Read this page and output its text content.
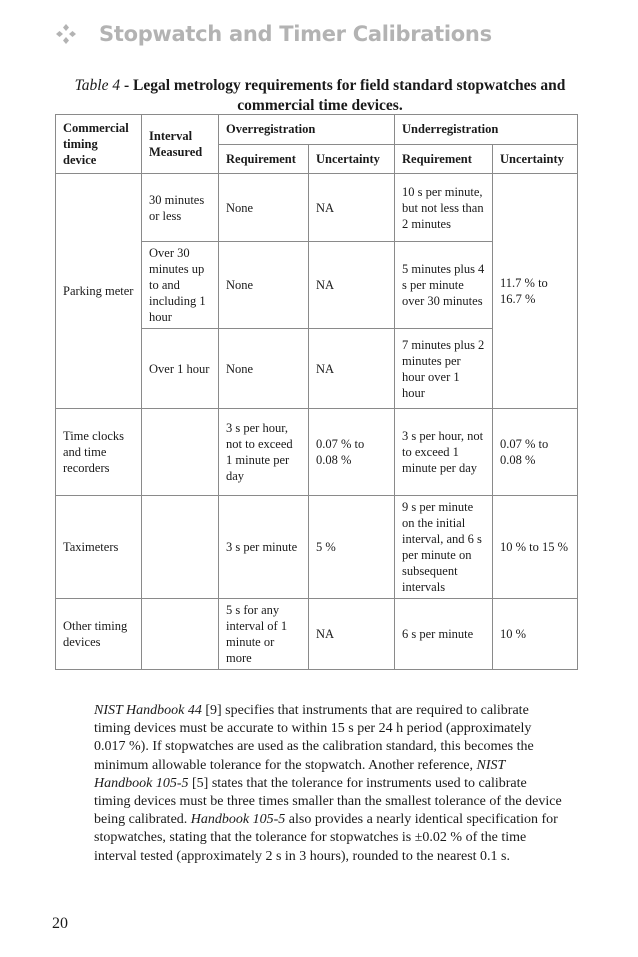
Stopwatch and Timer Calibrations
Table 4 - Legal metrology requirements for field standard stopwatches and commercial time devices.
Commercial timing device	Interval Measured	Overregistration		Underregistration	
		Requirement	Uncertainty	Requirement	Uncertainty
Parking meter	30 minutes or less	None	NA	10 s per minute, but not less than 2 minutes	11.7 % to 16.7 %
	Over 30 minutes up to and including 1 hour	None	NA	5 minutes plus 4 s per minute over 30 minutes	
	Over 1 hour	None	NA	7 minutes plus 2 minutes per hour over 1 hour	
Time clocks and time recorders		3 s per hour, not to exceed 1 minute per day	0.07 % to 0.08 %	3 s per hour, not to exceed 1 minute per day	0.07 % to 0.08 %
Taximeters		3 s per minute	5 %	9 s per minute on the initial interval, and 6 s per minute on subsequent intervals	10 % to 15 %
Other timing devices		5 s for any interval of 1 minute or more	NA	6 s per minute	10 %

NIST Handbook 44 [9] specifies that instruments that are required to calibrate timing devices must be accurate to within 15 s per 24 h period (approximately 0.017 %). If stopwatches are used as the calibration standard, this becomes the minimum allowable tolerance for the stopwatch. Another reference, NIST Handbook 105-5 [5] states that the tolerance for instruments used to calibrate timing devices must be three times smaller than the smallest tolerance of the device being calibrated. Handbook 105-5 also provides a nearly identical specification for stopwatches, stating that the tolerance for stopwatches is ±0.02 % of the time interval tested (approximately 2 s in 3 hours), rounded to the nearest 0.1 s.

20
